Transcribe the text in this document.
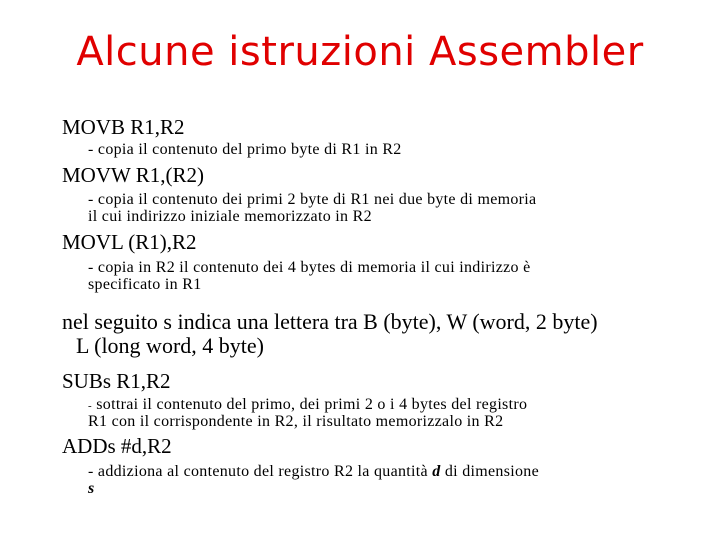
Alcune istruzioni Assembler
MOVB R1,R2
- copia il contenuto del primo byte di R1 in R2
MOVW R1,(R2)
- copia il contenuto dei primi 2 byte di R1 nei due byte di memoria
il cui indirizzo iniziale memorizzato in R2
MOVL (R1),R2
- copia in R2 il contenuto dei 4 bytes di memoria il cui indirizzo è
specificato in R1
nel seguito s indica una lettera tra B (byte), W (word, 2 byte)
L (long word, 4 byte)
SUBs R1,R2
- sottrai il contenuto del primo, dei primi 2 o i 4 bytes del registro
R1 con il corrispondente in R2, il risultato memorizzalo in R2
ADDs #d,R2
- addiziona al contenuto del registro R2 la quantità d di dimensione
s
